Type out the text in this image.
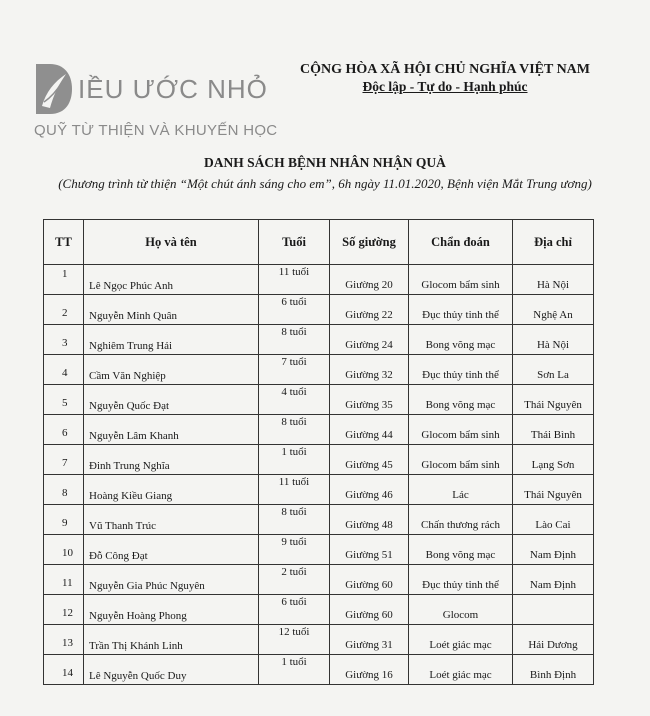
IỀU ƯỚC NHỎ
QUỸ TỪ THIỆN VÀ KHUYẾN HỌC
CỘNG HÒA XÃ HỘI CHỦ NGHĨA VIỆT NAM
Độc lập - Tự do - Hạnh phúc
DANH SÁCH BỆNH NHÂN NHẬN QUÀ
(Chương trình từ thiện “Một chút ánh sáng cho em”, 6h ngày 11.01.2020, Bệnh viện Mắt Trung ương)
TT	Họ và tên	Tuổi	Số giường	Chẩn đoán	Địa chỉ

1	Lê Ngọc Phúc Anh	11 tuổi	Giường 20	Glocom bẩm sinh	Hà Nội

2	Nguyễn Minh Quân	6 tuổi	Giường 22	Đục thủy tinh thể	Nghệ An

3	Nghiêm Trung Hải	8 tuổi	Giường 24	Bong võng mạc	Hà Nội

4	Cầm Văn Nghiệp	7 tuổi	Giường 32	Đục thủy tinh thể	Sơn La

5	Nguyễn Quốc Đạt	4 tuổi	Giường 35	Bong võng mạc	Thái Nguyên

6	Nguyễn Lâm Khanh	8 tuổi	Giường 44	Glocom bẩm sinh	Thái Bình

7	Đinh Trung Nghĩa	1 tuổi	Giường 45	Glocom bẩm sinh	Lạng Sơn

8	Hoàng Kiều Giang	11 tuổi	Giường 46	Lác	Thái Nguyên

9	Vũ Thanh Trúc	8 tuổi	Giường 48	Chấn thương rách	Lào Cai

10	Đỗ Công Đạt	9 tuổi	Giường 51	Bong võng mạc	Nam Định

11	Nguyễn Gia Phúc Nguyên	2 tuổi	Giường 60	Đục thủy tinh thể	Nam Định

12	Nguyễn Hoàng Phong	6 tuổi	Giường 60	Glocom	

13	Trần Thị Khánh Linh	12 tuổi	Giường 31	Loét giác mạc	Hải Dương

14	Lê Nguyễn Quốc Duy	1 tuổi	Giường 16	Loét giác mạc	Bình Định
